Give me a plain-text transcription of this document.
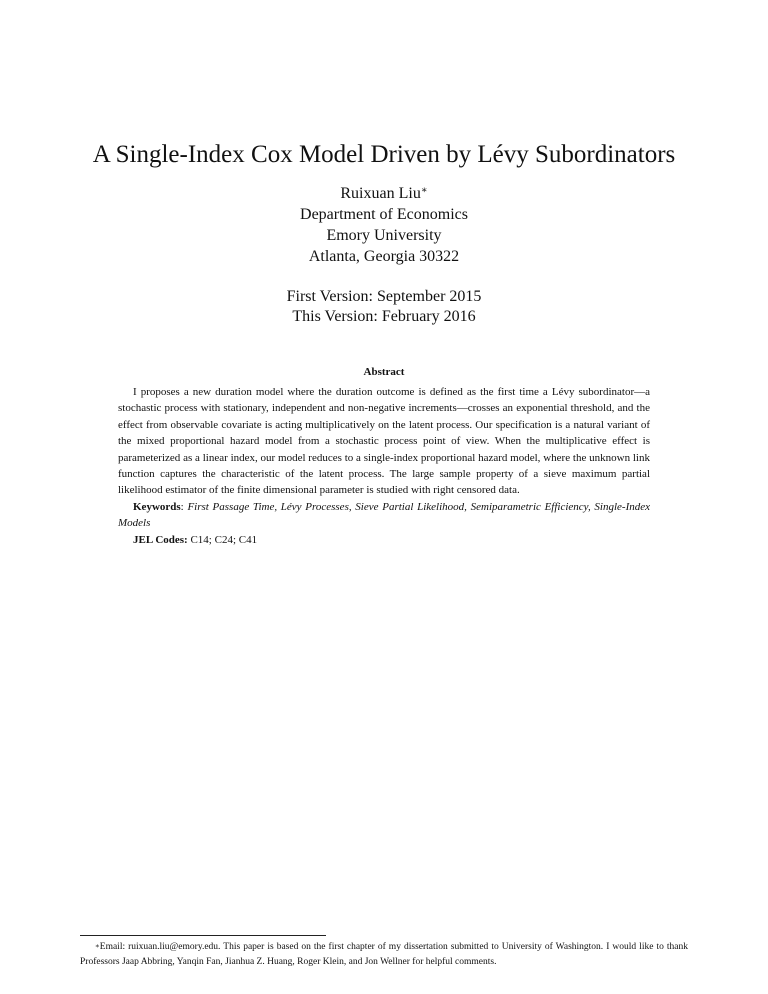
A Single-Index Cox Model Driven by Lévy Subordinators
Ruixuan Liu∗
Department of Economics
Emory University
Atlanta, Georgia 30322
First Version: September 2015
This Version: February 2016
Abstract

I proposes a new duration model where the duration outcome is defined as the first time a Lévy subordinator—a stochastic process with stationary, independent and non-negative increments—crosses an exponential threshold, and the effect from observable covariate is acting multiplicatively on the latent process. Our specification is a natural variant of the mixed proportional hazard model from a stochastic process point of view. When the multiplicative effect is parameterized as a linear index, our model reduces to a single-index proportional hazard model, where the unknown link function captures the characteristic of the latent process. The large sample property of a sieve maximum partial likelihood estimator of the finite dimensional parameter is studied with right censored data.

Keywords: First Passage Time, Lévy Processes, Sieve Partial Likelihood, Semiparametric Efficiency, Single-Index Models

JEL Codes: C14; C24; C41

∗Email: ruixuan.liu@emory.edu. This paper is based on the first chapter of my dissertation submitted to University of Washington. I would like to thank Professors Jaap Abbring, Yanqin Fan, Jianhua Z. Huang, Roger Klein, and Jon Wellner for helpful comments.
